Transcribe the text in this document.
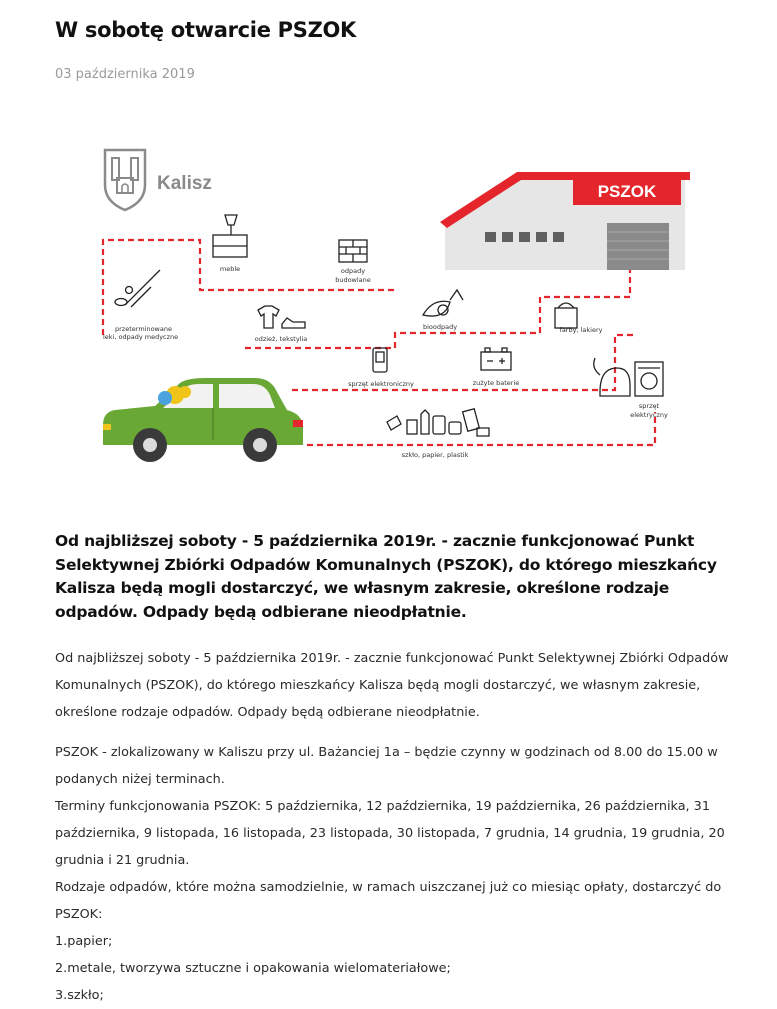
W sobotę otwarcie PSZOK
03 października 2019
Kalisz	PSZOK
meble	odpady
budowlane
przeterminowane
leki, odpady medyczne	odzież, tekstylia
bioodpady	farby, lakiery
sprzęt elektroniczny	zużyte baterie
sprzęt
elektryczny
szkło, papier, plastik
Od najbliższej soboty - 5 października 2019r. - zacznie funkcjonować Punkt Selektywnej Zbiórki Odpadów Komunalnych (PSZOK), do którego mieszkańcy Kalisza będą mogli dostarczyć, we własnym zakresie, określone rodzaje odpadów. Odpady będą odbierane nieodpłatnie.

Od najbliższej soboty - 5 października 2019r. - zacznie funkcjonować Punkt Selektywnej Zbiórki Odpadów Komunalnych (PSZOK), do którego mieszkańcy Kalisza będą mogli dostarczyć, we własnym zakresie, określone rodzaje odpadów. Odpady będą odbierane nieodpłatnie.

PSZOK - zlokalizowany w Kaliszu przy ul. Bażanciej 1a – będzie czynny w godzinach od 8.00 do 15.00 w podanych niżej terminach.
Terminy funkcjonowania PSZOK: 5 października, 12 października, 19 października, 26 października, 31 października, 9 listopada, 16 listopada, 23 listopada, 30 listopada, 7 grudnia, 14 grudnia, 19 grudnia, 20 grudnia i 21 grudnia.
Rodzaje odpadów, które można samodzielnie, w ramach uiszczanej już co miesiąc opłaty, dostarczyć do PSZOK:
1.papier;
2.metale, tworzywa sztuczne i opakowania wielomateriałowe;
3.szkło;
